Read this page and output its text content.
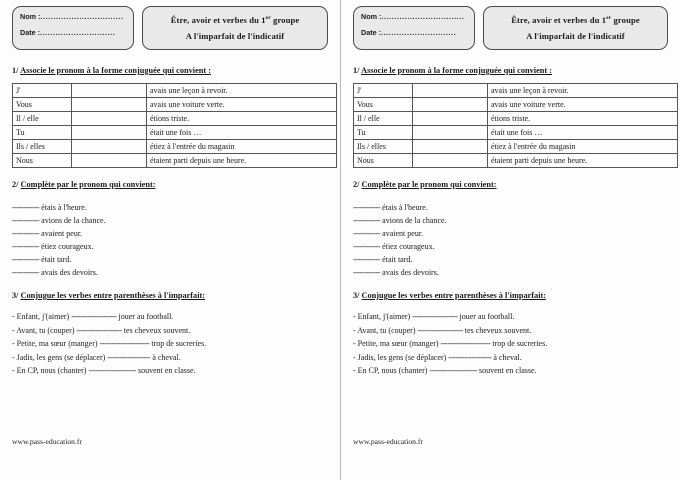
Nom :................................
Date :.............................
Être, avoir et verbes du 1er groupe
A l'imparfait de l'indicatif
1/ Associe le pronom à la forme conjuguée qui convient :
J'		avais une leçon à revoir.
Vous		avais une voiture verte.
Il / elle		étions triste.
Tu		était une fois …
Ils / elles		étiez à l'entrée du magasin
Nous		étaient parti depuis une heure.
2/ Complète par le pronom qui convient:
------------ étais à l'heure.
------------ avions de la chance.
------------ avaient peur.
------------ étiez courageux.
------------ était tard.
------------ avais des devoirs.
3/ Conjugue les verbes entre parenthèses à l'imparfait:
- Enfant, j'(aimer) -------------------- jouer au football.
- Avant, tu (couper) -------------------- tes cheveux souvent.
- Petite, ma sœur (manger) ---------------------- trop de sucreries.
- Jadis, les gens (se déplacer) ------------------- à cheval.
- En CP, nous (chanter) --------------------- souvent en classe.
www.pass-education.fr
Nom :................................
Date :.............................
Être, avoir et verbes du 1er groupe
A l'imparfait de l'indicatif
1/ Associe le pronom à la forme conjuguée qui convient :
J'		avais une leçon à revoir.
Vous		avais une voiture verte.
Il / elle		étions triste.
Tu		était une fois …
Ils / elles		étiez à l'entrée du magasin
Nous		étaient parti depuis une heure.
2/ Complète par le pronom qui convient:
------------ étais à l'heure.
------------ avions de la chance.
------------ avaient peur.
------------ étiez courageux.
------------ était tard.
------------ avais des devoirs.
3/ Conjugue les verbes entre parenthèses à l'imparfait:
- Enfant, j'(aimer) -------------------- jouer au football.
- Avant, tu (couper) -------------------- tes cheveux souvent.
- Petite, ma sœur (manger) ---------------------- trop de sucreries.
- Jadis, les gens (se déplacer) ------------------- à cheval.
- En CP, nous (chanter) --------------------- souvent en classe.
www.pass-education.fr
